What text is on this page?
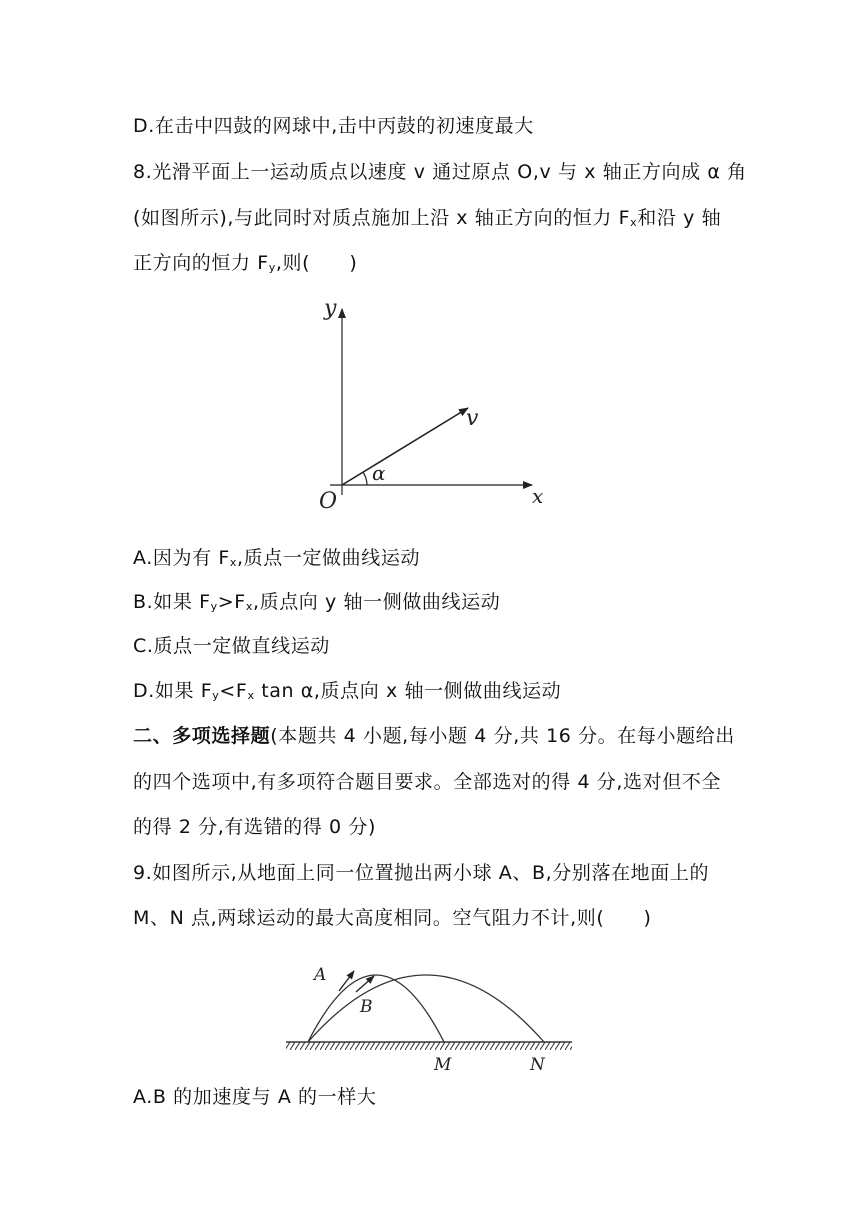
D.在击中四鼓的网球中,击中丙鼓的初速度最大
8.光滑平面上一运动质点以速度 v 通过原点 O,v 与 x 轴正方向成 α 角
(如图所示),与此同时对质点施加上沿 x 轴正方向的恒力 $F_x$和沿 y 轴
正方向的恒力 $F_y$,则(　　)
y
x
O
v
α
A.因为有 $F_x$,质点一定做曲线运动
B.如果 $F_y>F_x$,质点向 y 轴一侧做曲线运动
C.质点一定做直线运动
D.如果 $F_y<F_x$ tan α,质点向 x 轴一侧做曲线运动
二、多项选择题(本题共 4 小题,每小题 4 分,共 16 分。在每小题给出
的四个选项中,有多项符合题目要求。全部选对的得 4 分,选对但不全
的得 2 分,有选错的得 0 分)
9.如图所示,从地面上同一位置抛出两小球 A、B,分别落在地面上的
M、N 点,两球运动的最大高度相同。空气阻力不计,则(　　)
A
B
M	N
A.B 的加速度与 A 的一样大
